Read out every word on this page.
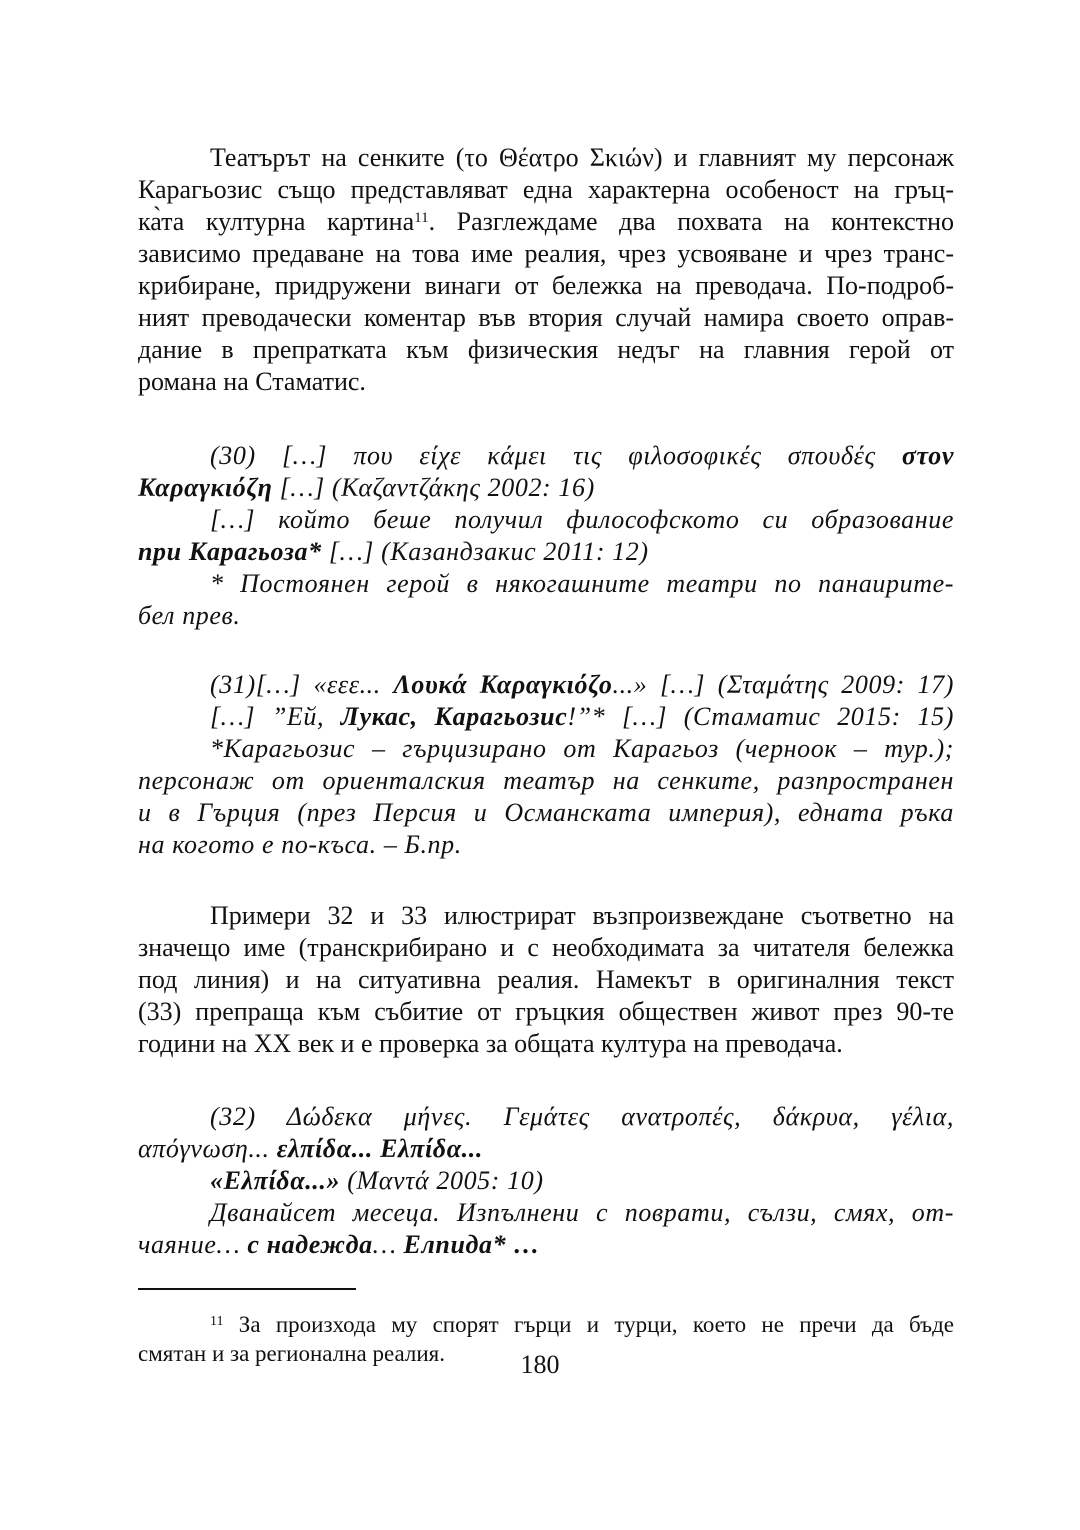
Театърът на сенките (το Θέατρο Σκιών) и главният му персонаж
Карагьозис също представляват една характерна особеност на гръц-
ка̀та културна картина$^{11}$. Разглеждаме два похвата на контекстно
зависимо предаване на това име реалия, чрез усвояване и чрез транс-
крибиране, придружени винаги от бележка на преводача. По-подроб-
ният преводачески коментар във втория случай намира своето оправ-
дание в препратката към физическия недъг на главния герой от
романа на Стаматис.
(30) […] που είχε κάμει τις φιλοσοφικές σπουδές στον
Καραγκιόζη […] (Καζαντζάκης 2002: 16)
[…] който беше получил философското си образование
при Карагьоза* […] (Казандзакис 2011: 12)
* Постоянен герой в някогашните театри по панаирите-
бел прев.
(31)[…] «εεε... Λουκά Καραγκιόζο...» […] (Σταμάτης 2009: 17)
[…] ”Ей, Лукас, Карагьозис!”* […] (Стаматис 2015: 15)
*Карагьозис – гърцизирано от Карагьоз (черноок – тур.);
персонаж от ориенталския театър на сенките, разпространен
и в Гърция (през Персия и Османската империя), едната ръка
на когото е по-къса. – Б.пр.
Примери 32 и 33 илюстрират възпроизвеждане съответно на
значещо име (транскрибирано и с необходимата за читателя бележка
под линия) и на ситуативна реалия. Намекът в оригиналния текст
(33) препраща към събитие от гръцкия обществен живот през 90-те
години на XX век и е проверка за общата култура на преводача.
(32) Δώδεκα μήνες. Γεμάτες ανατροπές, δάκρυα, γέλια,
απόγνωση... ελπίδα... Ελπίδα...
«Ελπίδα...» (Μαντά 2005: 10)
Дванайсет месеца. Изпълнени с поврати, сълзи, смях, от-
чаяние… с надежда… Елпида* …
$^{11}$ За произхода му спорят гърци и турци, което не пречи да бъде
смятан и за регионална реалия.	180
